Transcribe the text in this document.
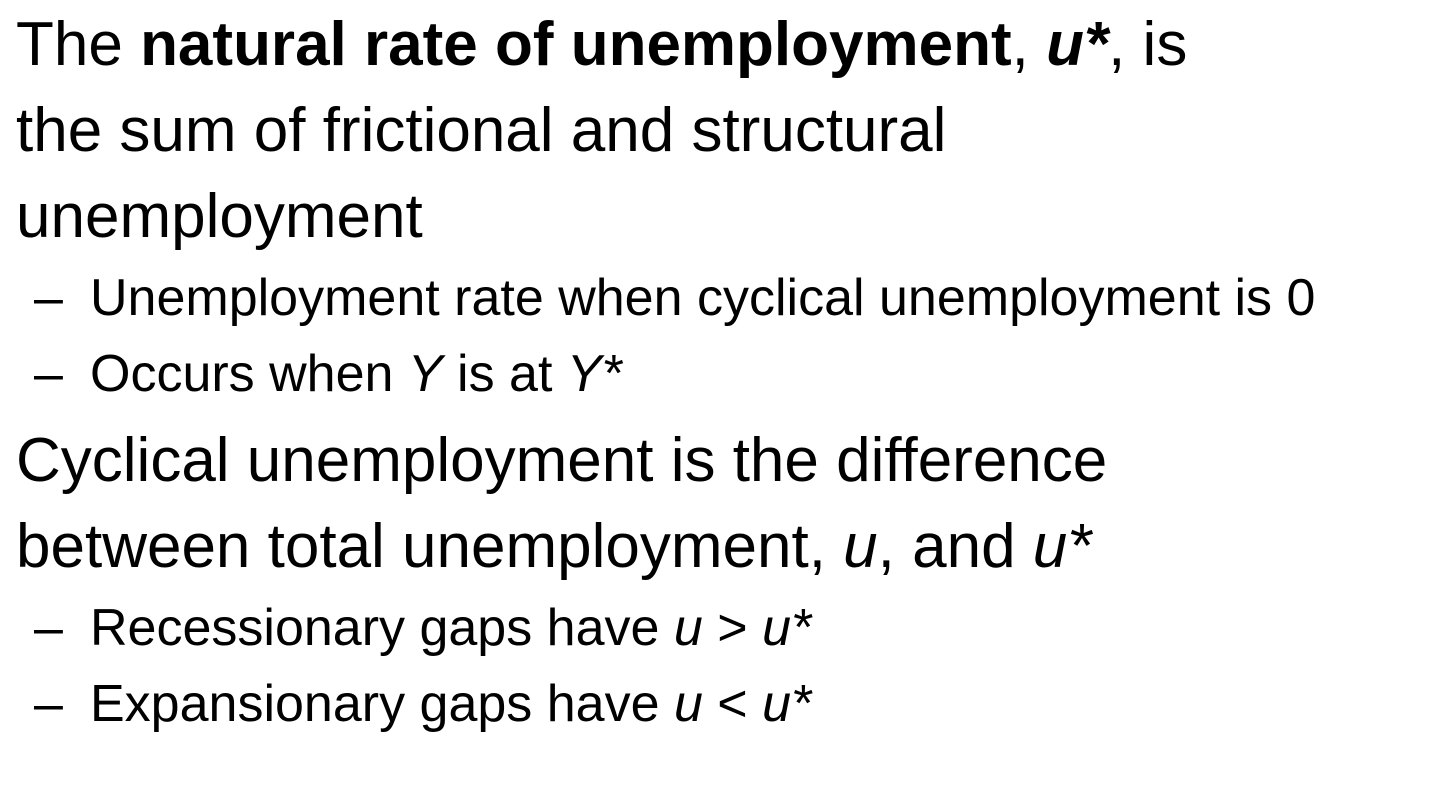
The natural rate of unemployment, u*, is
the sum of frictional and structural
unemployment
– Unemployment rate when cyclical unemployment is 0
– Occurs when Y is at Y*
Cyclical unemployment is the difference
between total unemployment, u, and u*
– Recessionary gaps have u > u*
– Expansionary gaps have u < u*
